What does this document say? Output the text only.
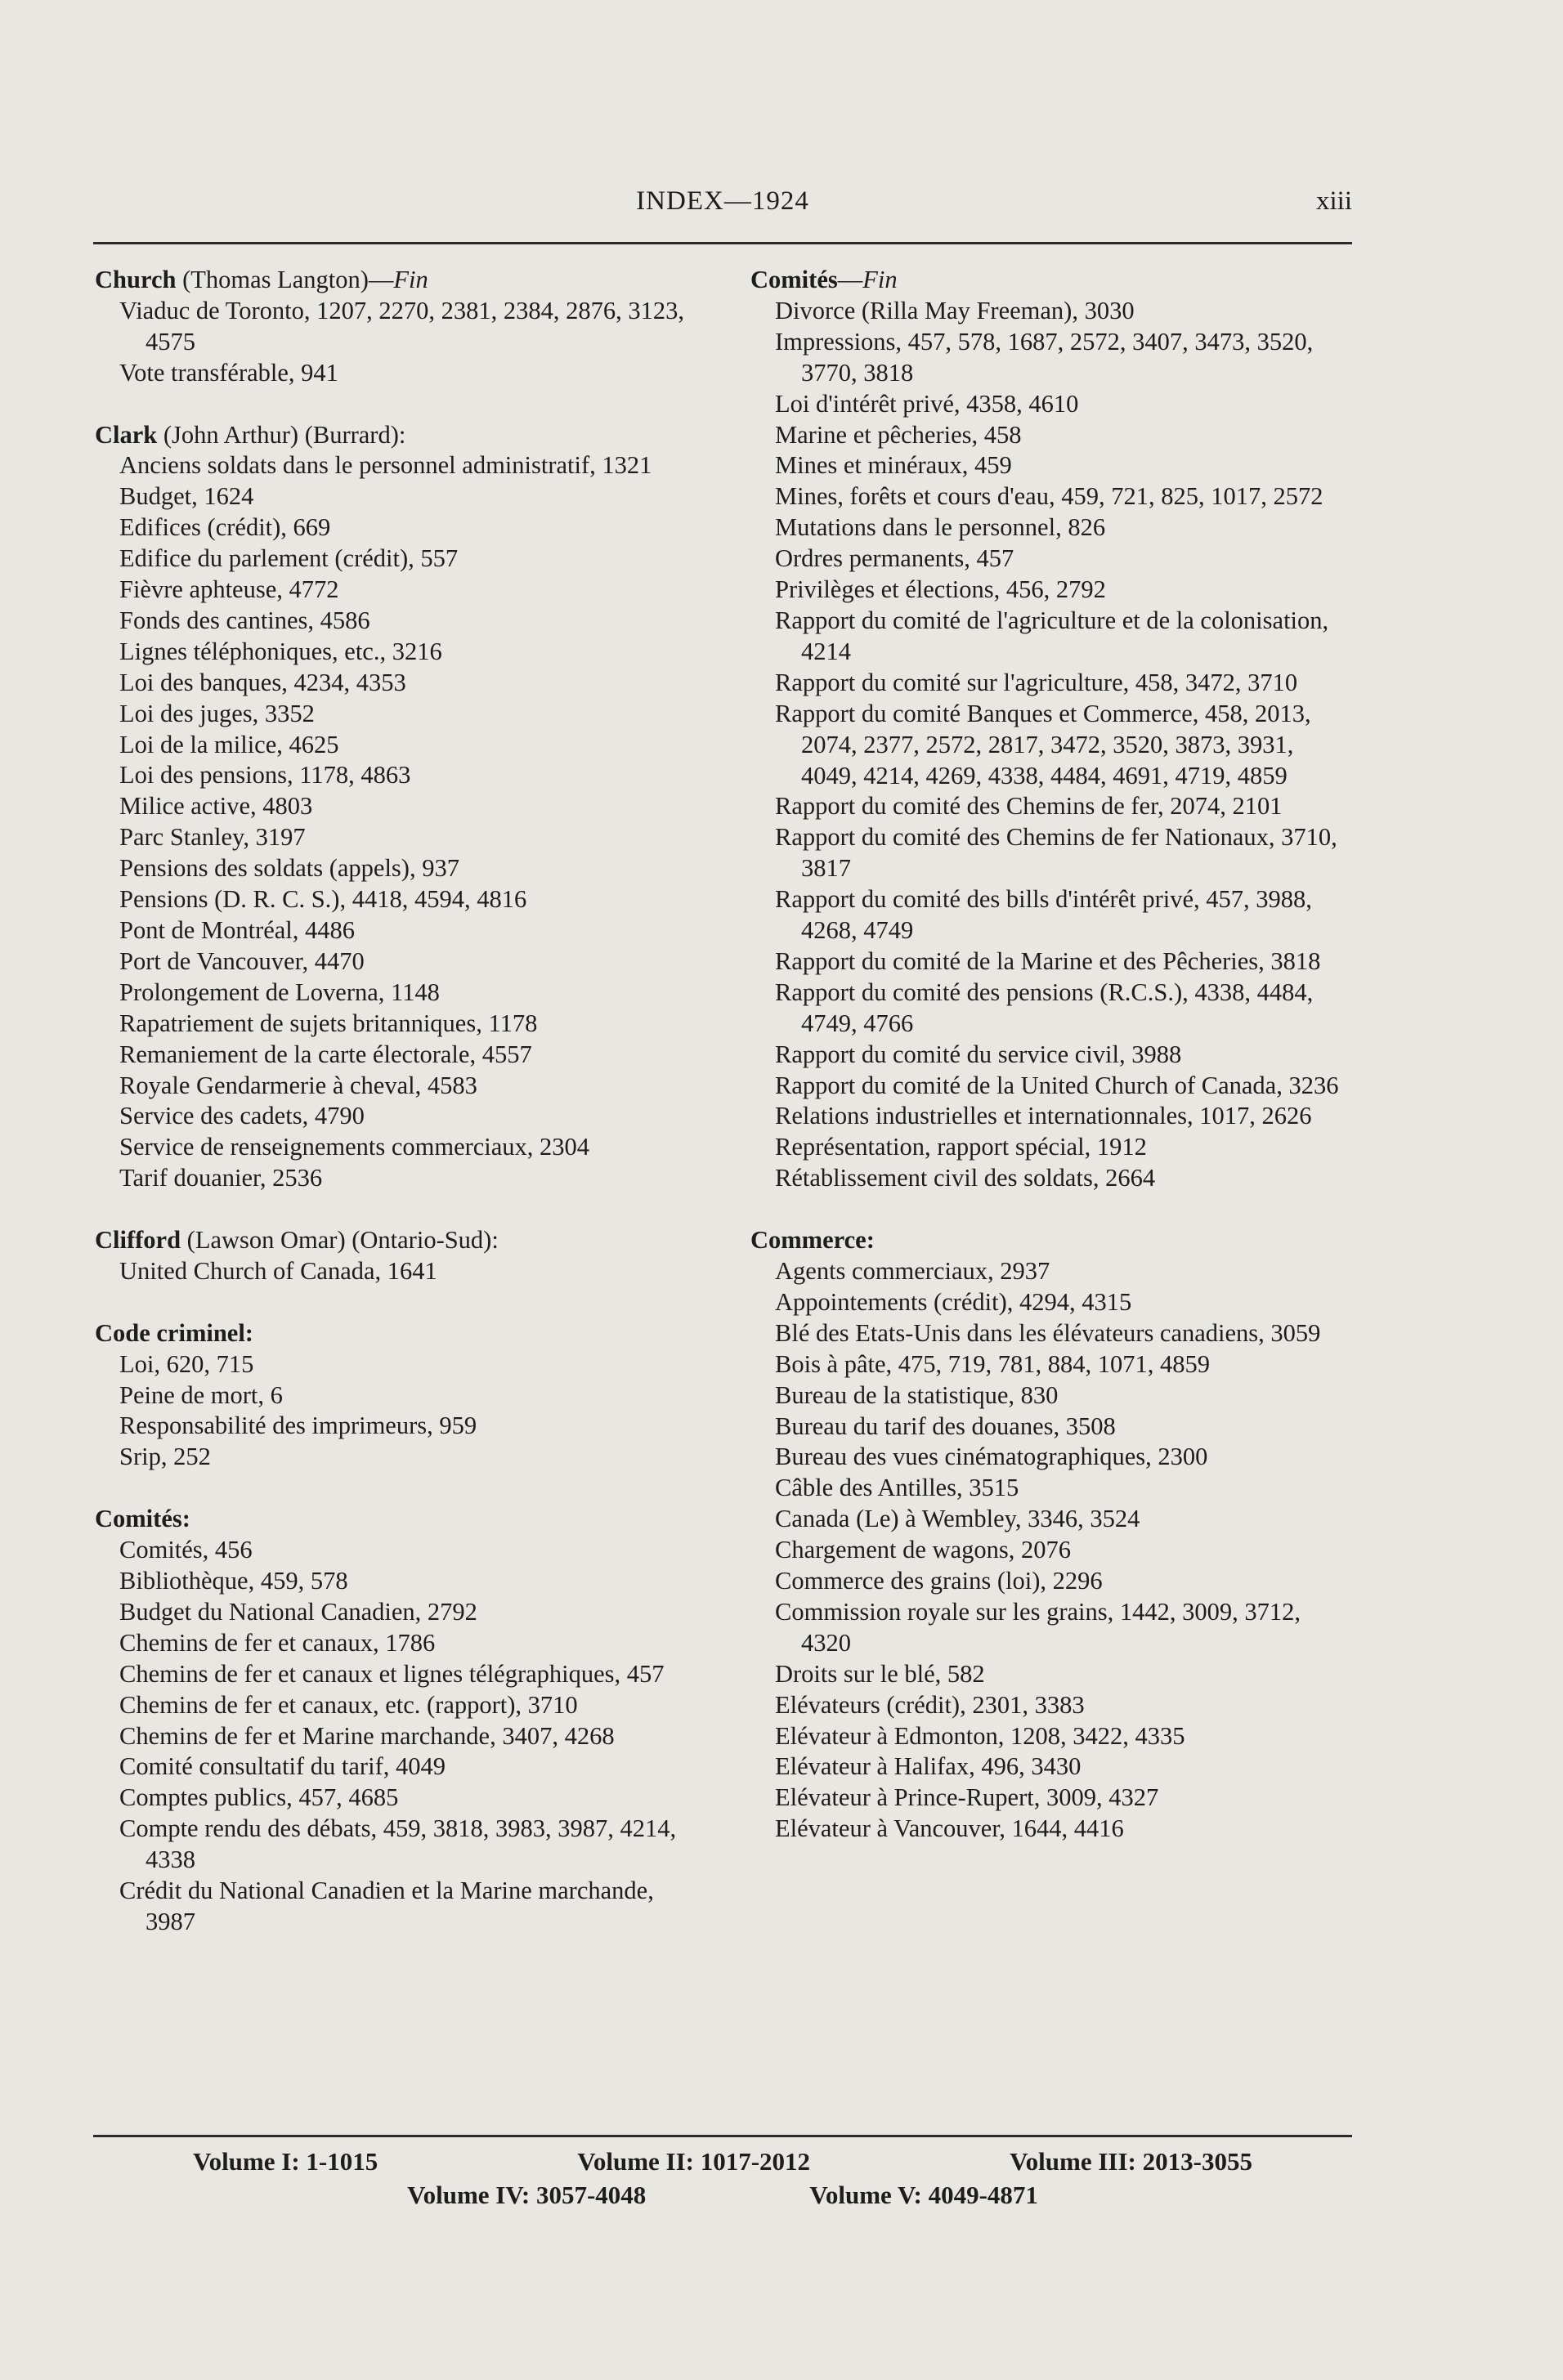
INDEX—1924	xiii
Church (Thomas Langton)—Fin
Viaduc de Toronto, 1207, 2270, 2381, 2384, 2876, 3123, 4575
Vote transférable, 941
Clark (John Arthur) (Burrard):
Anciens soldats dans le personnel administratif, 1321
Budget, 1624
Edifices (crédit), 669
Edifice du parlement (crédit), 557
Fièvre aphteuse, 4772
Fonds des cantines, 4586
Lignes téléphoniques, etc., 3216
Loi des banques, 4234, 4353
Loi des juges, 3352
Loi de la milice, 4625
Loi des pensions, 1178, 4863
Milice active, 4803
Parc Stanley, 3197
Pensions des soldats (appels), 937
Pensions (D. R. C. S.), 4418, 4594, 4816
Pont de Montréal, 4486
Port de Vancouver, 4470
Prolongement de Loverna, 1148
Rapatriement de sujets britanniques, 1178
Remaniement de la carte électorale, 4557
Royale Gendarmerie à cheval, 4583
Service des cadets, 4790
Service de renseignements commerciaux, 2304
Tarif douanier, 2536
Clifford (Lawson Omar) (Ontario-Sud):
United Church of Canada, 1641
Code criminel:
Loi, 620, 715
Peine de mort, 6
Responsabilité des imprimeurs, 959
Srip, 252
Comités:
Comités, 456
Bibliothèque, 459, 578
Budget du National Canadien, 2792
Chemins de fer et canaux, 1786
Chemins de fer et canaux et lignes télégraphiques, 457
Chemins de fer et canaux, etc. (rapport), 3710
Chemins de fer et Marine marchande, 3407, 4268
Comité consultatif du tarif, 4049
Comptes publics, 457, 4685
Compte rendu des débats, 459, 3818, 3983, 3987, 4214, 4338
Crédit du National Canadien et la Marine marchande, 3987
Comités—Fin
Divorce (Rilla May Freeman), 3030
Impressions, 457, 578, 1687, 2572, 3407, 3473, 3520, 3770, 3818
Loi d'intérêt privé, 4358, 4610
Marine et pêcheries, 458
Mines et minéraux, 459
Mines, forêts et cours d'eau, 459, 721, 825, 1017, 2572
Mutations dans le personnel, 826
Ordres permanents, 457
Privilèges et élections, 456, 2792
Rapport du comité de l'agriculture et de la colonisation, 4214
Rapport du comité sur l'agriculture, 458, 3472, 3710
Rapport du comité Banques et Commerce, 458, 2013, 2074, 2377, 2572, 2817, 3472, 3520, 3873, 3931, 4049, 4214, 4269, 4338, 4484, 4691, 4719, 4859
Rapport du comité des Chemins de fer, 2074, 2101
Rapport du comité des Chemins de fer Nationaux, 3710, 3817
Rapport du comité des bills d'intérêt privé, 457, 3988, 4268, 4749
Rapport du comité de la Marine et des Pêcheries, 3818
Rapport du comité des pensions (R.C.S.), 4338, 4484, 4749, 4766
Rapport du comité du service civil, 3988
Rapport du comité de la United Church of Canada, 3236
Relations industrielles et internationnales, 1017, 2626
Représentation, rapport spécial, 1912
Rétablissement civil des soldats, 2664
Commerce:
Agents commerciaux, 2937
Appointements (crédit), 4294, 4315
Blé des Etats-Unis dans les élévateurs canadiens, 3059
Bois à pâte, 475, 719, 781, 884, 1071, 4859
Bureau de la statistique, 830
Bureau du tarif des douanes, 3508
Bureau des vues cinématographiques, 2300
Câble des Antilles, 3515
Canada (Le) à Wembley, 3346, 3524
Chargement de wagons, 2076
Commerce des grains (loi), 2296
Commission royale sur les grains, 1442, 3009, 3712, 4320
Droits sur le blé, 582
Elévateurs (crédit), 2301, 3383
Elévateur à Edmonton, 1208, 3422, 4335
Elévateur à Halifax, 496, 3430
Elévateur à Prince-Rupert, 3009, 4327
Elévateur à Vancouver, 1644, 4416
Volume I: 1-1015	Volume II: 1017-2012	Volume III: 2013-3055
Volume IV: 3057-4048	Volume V: 4049-4871
